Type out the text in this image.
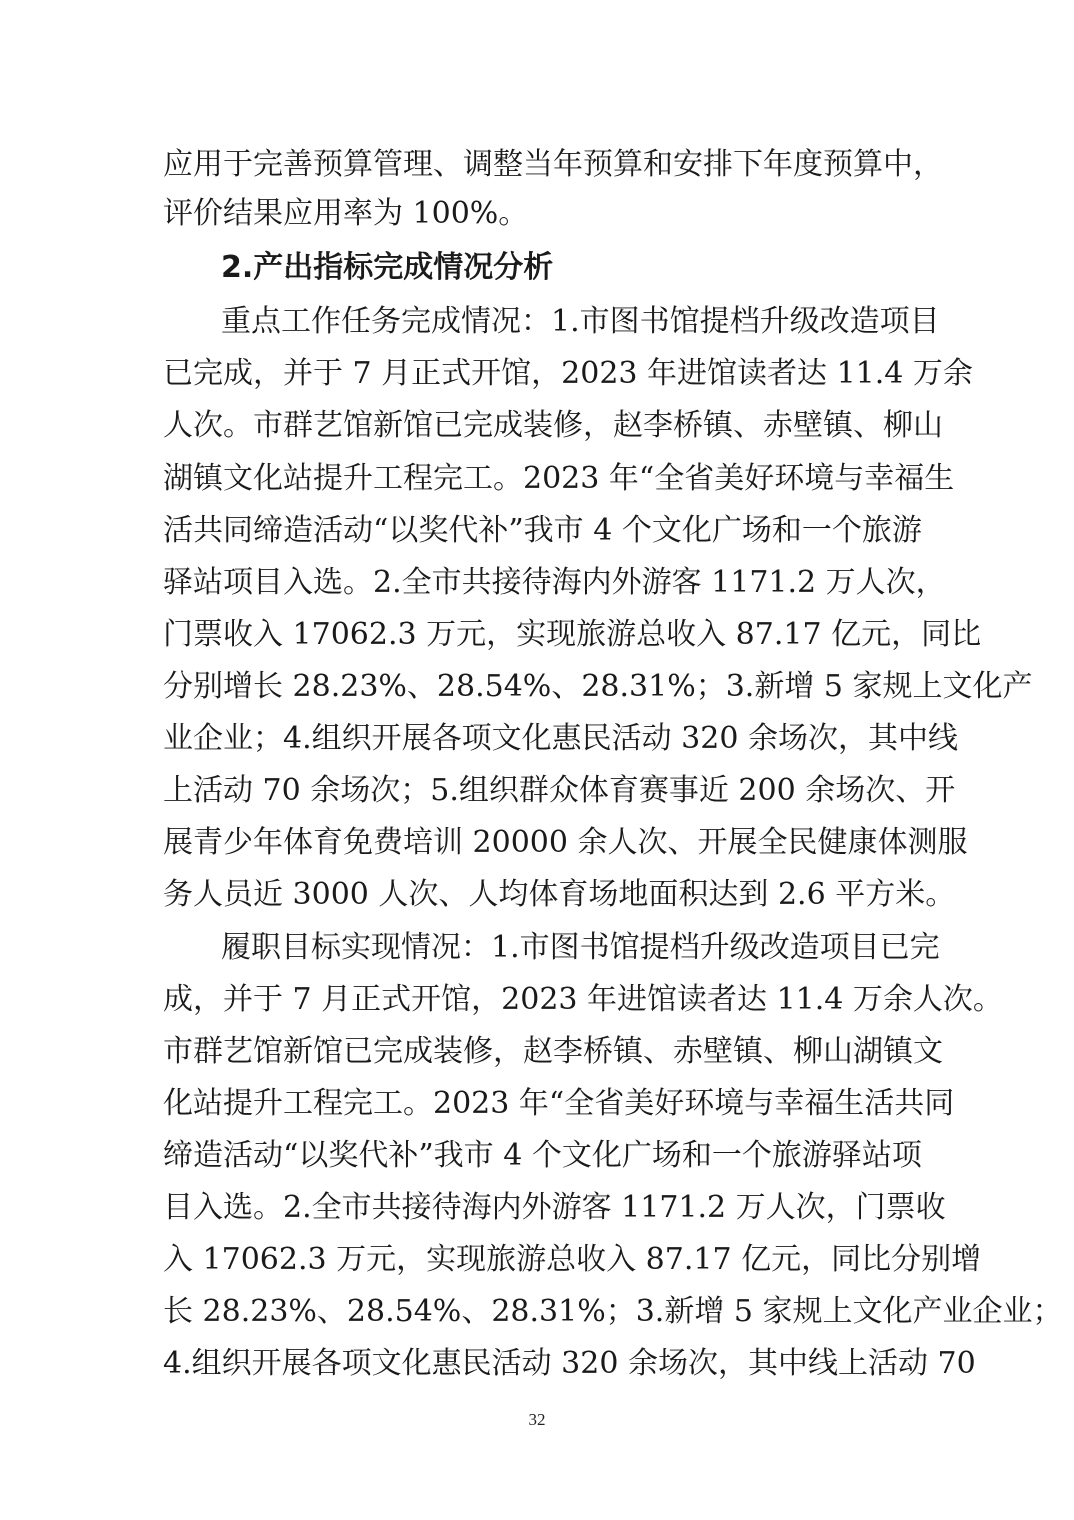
应用于完善预算管理、调整当年预算和安排下年度预算中，
评价结果应用率为 100%。
2.产出指标完成情况分析
重点工作任务完成情况：1.市图书馆提档升级改造项目
已完成，并于 7 月正式开馆，2023 年进馆读者达 11.4 万余
人次。市群艺馆新馆已完成装修，赵李桥镇、赤壁镇、柳山
湖镇文化站提升工程完工。2023 年“全省美好环境与幸福生
活共同缔造活动“以奖代补”我市 4 个文化广场和一个旅游
驿站项目入选。2.全市共接待海内外游客 1171.2 万人次，
门票收入 17062.3 万元，实现旅游总收入 87.17 亿元，同比
分别增长 28.23%、28.54%、28.31%；3.新增 5 家规上文化产
业企业；4.组织开展各项文化惠民活动 320 余场次，其中线
上活动 70 余场次；5.组织群众体育赛事近 200 余场次、开
展青少年体育免费培训 20000 余人次、开展全民健康体测服
务人员近 3000 人次、人均体育场地面积达到 2.6 平方米。
履职目标实现情况：1.市图书馆提档升级改造项目已完
成，并于 7 月正式开馆，2023 年进馆读者达 11.4 万余人次。
市群艺馆新馆已完成装修，赵李桥镇、赤壁镇、柳山湖镇文
化站提升工程完工。2023 年“全省美好环境与幸福生活共同
缔造活动“以奖代补”我市 4 个文化广场和一个旅游驿站项
目入选。2.全市共接待海内外游客 1171.2 万人次，门票收
入 17062.3 万元，实现旅游总收入 87.17 亿元，同比分别增
长 28.23%、28.54%、28.31%；3.新增 5 家规上文化产业企业；
4.组织开展各项文化惠民活动 320 余场次，其中线上活动 70
32
